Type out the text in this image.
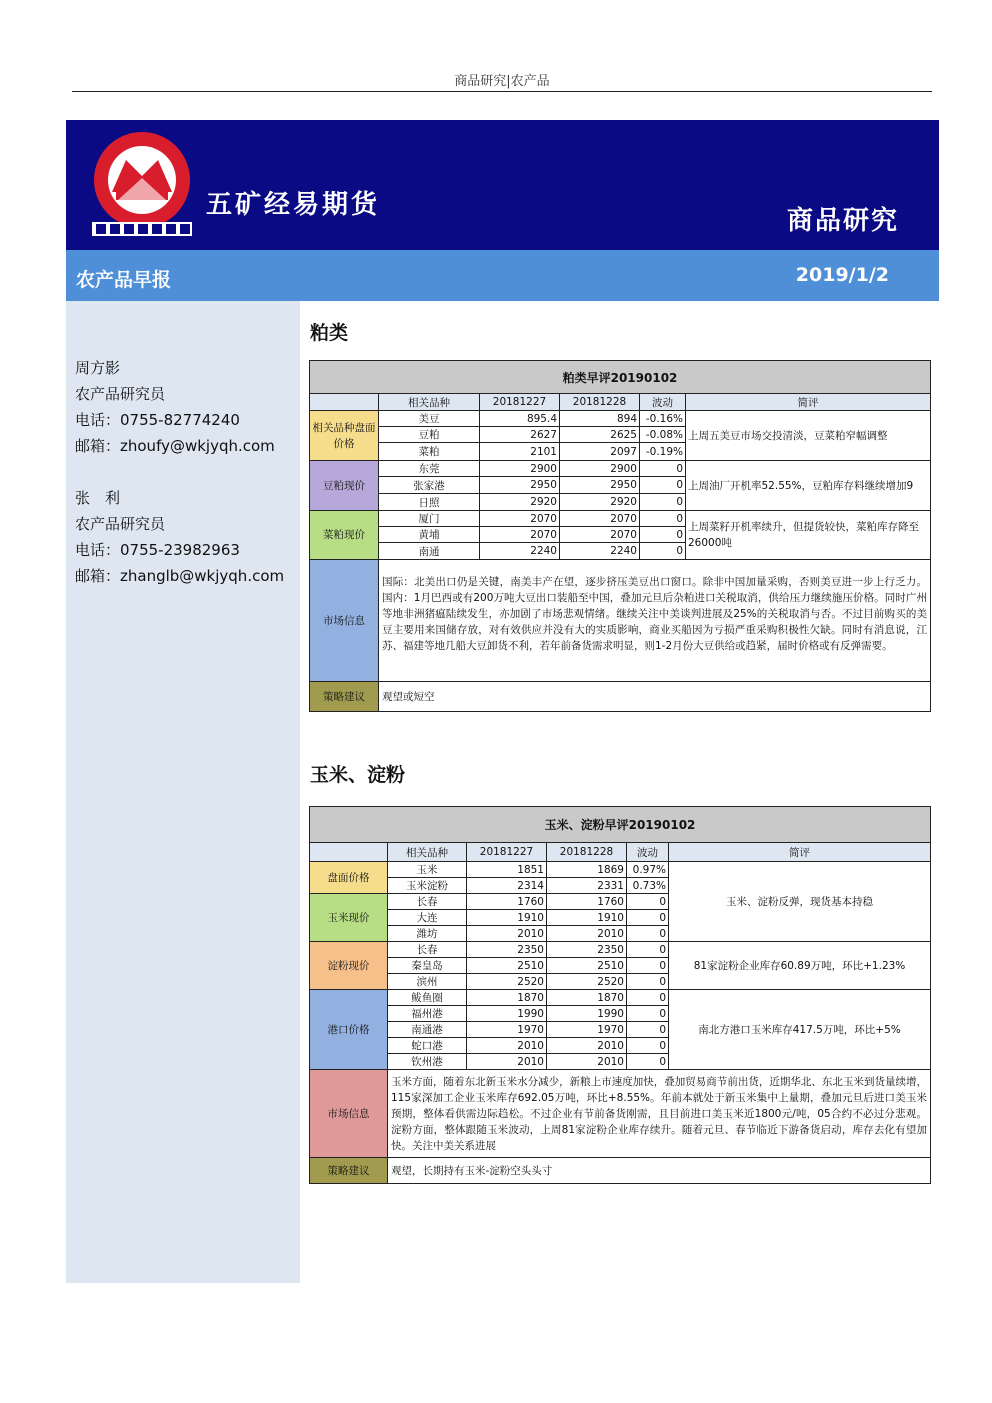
商品研究|农产品
五矿经易期货
商品研究
农产品早报	2019/1/2
周方影
农产品研究员
电话：0755-82774240
邮箱：zhoufy@wkjyqh.com
张　利
农产品研究员
电话：0755-23982963
邮箱：zhanglb@wkjyqh.com
粕类
粕类早评20190102					
	相关品种	20181227	20181228	波动	简评
相关品种盘面价格	美豆	895.4	894	-0.16%	上周五美豆市场交投清淡，豆菜粕窄幅调整
	豆粕	2627	2625	-0.08%	
	菜粕	2101	2097	-0.19%	
豆粕现价	东莞	2900	2900	0	上周油厂开机率52.55%，豆粕库存料继续增加9
	张家港	2950	2950	0	
	日照	2920	2920	0	
菜粕现价	厦门	2070	2070	0	上周菜籽开机率续升，但提货较快，菜粕库存降至26000吨
	黄埔	2070	2070	0	
	南通	2240	2240	0	
市场信息	国际：北美出口仍是关键，南美丰产在望，逐步挤压美豆出口窗口。除非中国加量采购，否则美豆进一步上行乏力。国内：1月巴西或有200万吨大豆出口装船至中国，叠加元旦后杂粕进口关税取消，供给压力继续施压价格。同时广州等地非洲猪瘟陆续发生，亦加剧了市场悲观情绪。继续关注中美谈判进展及25%的关税取消与否。不过目前购买的美豆主要用来国储存放，对有效供应并没有大的实质影响，商业买船因为亏损严重采购积极性欠缺。同时有消息说，江苏、福建等地几船大豆卸货不利，若年前备货需求明显，则1-2月份大豆供给或趋紧，届时价格或有反弹需要。				
策略建议	观望或短空				
玉米、淀粉
玉米、淀粉早评20190102					
	相关品种	20181227	20181228	波动	简评
盘面价格	玉米	1851	1869	0.97%	玉米、淀粉反弹，现货基本持稳
	玉米淀粉	2314	2331	0.73%	
玉米现价	长春	1760	1760	0	
	大连	1910	1910	0	
	潍坊	2010	2010	0	
淀粉现价	长春	2350	2350	0	81家淀粉企业库存60.89万吨，环比+1.23%
	秦皇岛	2510	2510	0	
	滨州	2520	2520	0	
港口价格	鲅鱼圈	1870	1870	0	南北方港口玉米库存417.5万吨，环比+5%
	福州港	1990	1990	0	
	南通港	1970	1970	0	
	蛇口港	2010	2010	0	
	钦州港	2010	2010	0	
市场信息	玉米方面，随着东北新玉米水分减少，新粮上市速度加快，叠加贸易商节前出货，近期华北、东北玉米到货量续增，115家深加工企业玉米库存692.05万吨，环比+8.55%。年前本就处于新玉米集中上量期，叠加元旦后进口美玉米预期，整体看供需边际趋松。不过企业有节前备货刚需，且目前进口美玉米近1800元/吨，05合约不必过分悲观。淀粉方面，整体跟随玉米波动，上周81家淀粉企业库存续升。随着元旦、春节临近下游备货启动，库存去化有望加快。关注中美关系进展				
策略建议	观望，长期持有玉米-淀粉空头头寸				
